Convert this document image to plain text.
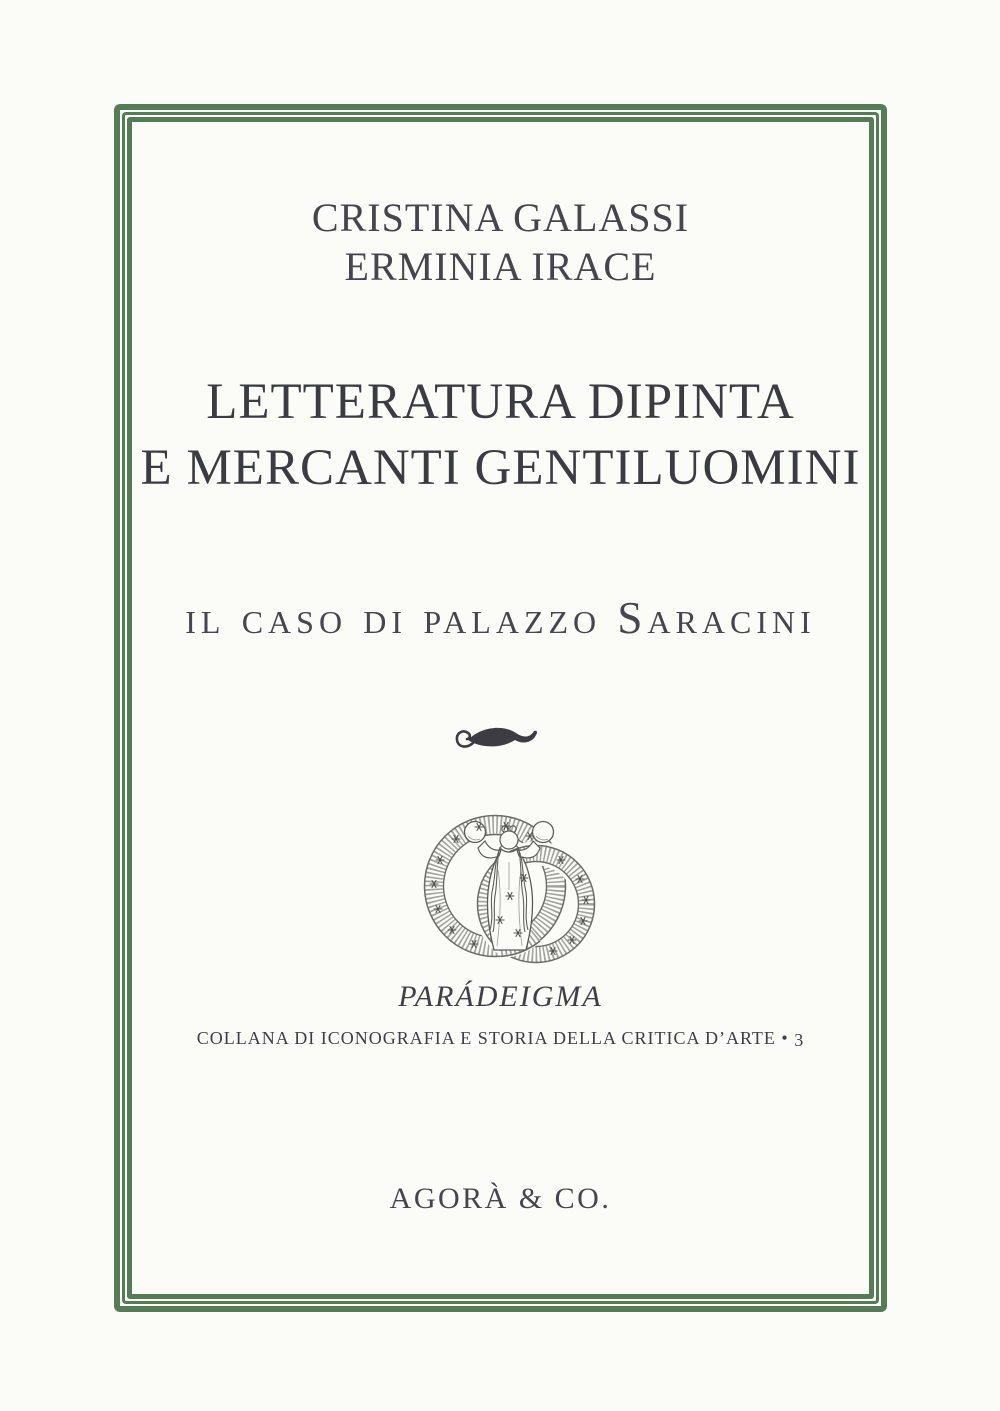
CRISTINA GALASSI
ERMINIA IRACE
LETTERATURA DIPINTA
E MERCANTI GENTILUOMINI
il caso di palazzo Saracini
PARÁDEIGMA
COLLANA DI ICONOGRAFIA E STORIA DELLA CRITICA D’ARTE • 3
AGORÀ & CO.
